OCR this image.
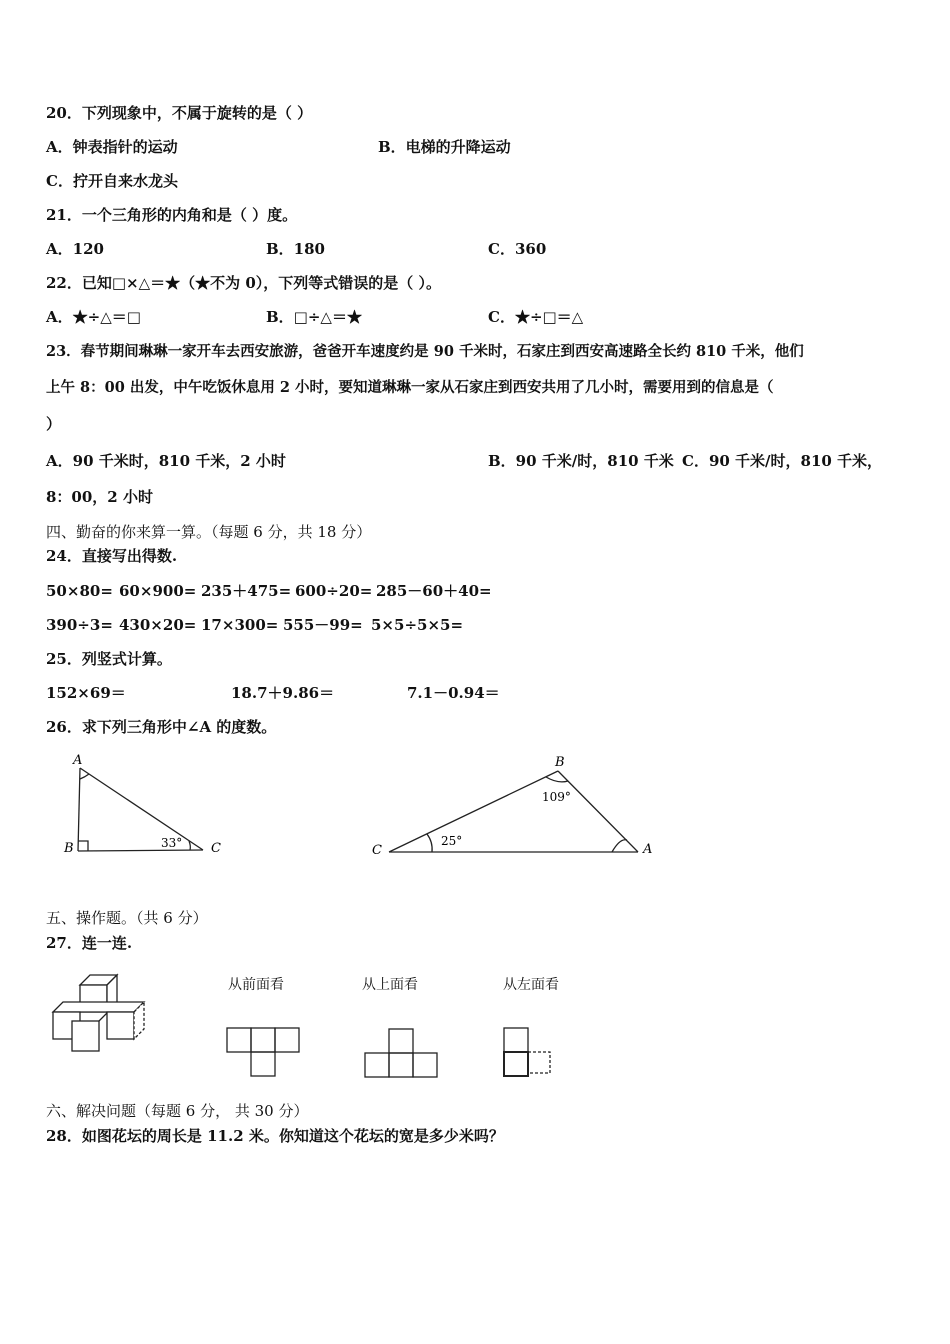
20．下列现象中，不属于旋转的是（ ）
A．钟表指针的运动	B．电梯的升降运动
C．拧开自来水龙头
21．一个三角形的内角和是（ ）度。
A．120	B．180	C．360
22．已知□×△＝★（★不为 0），下列等式错误的是（ ）。
A．★÷△＝□	B．□÷△＝★	C．★÷□＝△
23．春节期间琳琳一家开车去西安旅游，爸爸开车速度约是 90 千米时，石家庄到西安高速路全长约 810 千米，他们
上午 8：00 出发，中午吃饭休息用 2 小时，要知道琳琳一家从石家庄到西安共用了几小时，需要用到的信息是（
）
A．90 千米时，810 千米，2 小时	B．90 千米/时，810 千米 C．90 千米/时，810 千米，
8：00，2 小时
四、勤奋的你来算一算。（每题 6 分，共 18 分）
24．直接写出得数.
50×80= 60×900= 235＋475= 600÷20= 285－60＋40=
390÷3= 430×20= 17×300= 555－99= 5×5÷5×5=
25．列竖式计算。
152×69＝	18.7＋9.86＝	7.1－0.94＝
26．求下列三角形中∠A 的度数。
A
B	C
33°
B
C	A
109°
25°
五、操作题。（共 6 分）
27．连一连.
从前面看	从上面看	从左面看
六、解决问题（每题 6 分， 共 30 分）
28．如图花坛的周长是 11.2 米。你知道这个花坛的宽是多少米吗？
